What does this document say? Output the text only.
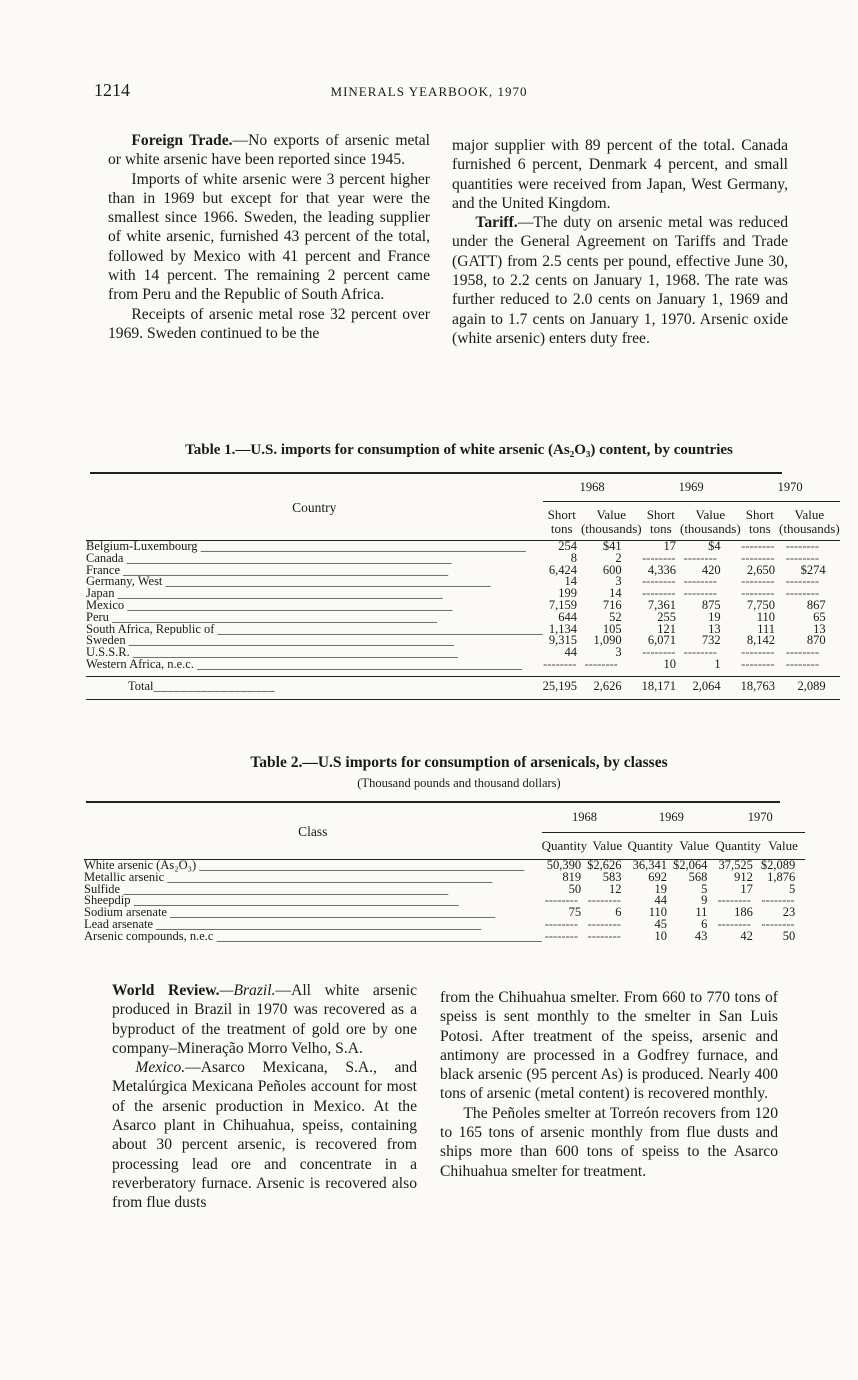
1214	MINERALS YEARBOOK, 1970

Foreign Trade.—No exports of arsenic metal or white arsenic have been reported since 1945.

Imports of white arsenic were 3 percent higher than in 1969 but except for that year were the smallest since 1966. Sweden, the leading supplier of white arsenic, furnished 43 percent of the total, followed by Mexico with 41 percent and France with 14 percent. The remaining 2 percent came from Peru and the Republic of South Africa.

Receipts of arsenic metal rose 32 percent over 1969. Sweden continued to be the

major supplier with 89 percent of the total. Canada furnished 6 percent, Denmark 4 percent, and small quantities were received from Japan, West Germany, and the United Kingdom.

Tariff.—The duty on arsenic metal was reduced under the General Agreement on Tariffs and Trade (GATT) from 2.5 cents per pound, effective June 30, 1958, to 2.2 cents on January 1, 1968. The rate was further reduced to 2.0 cents on January 1, 1969 and again to 1.7 cents on January 1, 1970. Arsenic oxide (white arsenic) enters duty free.

Table 1.—U.S. imports for consumption of white arsenic (As₂O₃) content, by countries
Country	1968		1969		1970	
	Short tons	Value (thousands)	Short tons	Value (thousands)	Short tons	Value (thousands)

Belgium-Luxembourg _____	254	$41	17	$4	--------	--------
Canada _____	8	2	--------	--------	--------	--------
France _____	6,424	600	4,336	420	2,650	$274
Germany, West _____	14	3	--------	--------	--------	--------
Japan _____	199	14	--------	--------	--------	--------
Mexico _____	7,159	716	7,361	875	7,750	867
Peru _____	644	52	255	19	110	65
South Africa, Republic of _____	1,134	105	121	13	111	13
Sweden _____	9,315	1,090	6,071	732	8,142	870
U.S.S.R. _____	44	3	--------	--------	--------	--------
Western Africa, n.e.c. _____	--------	--------	10	1	--------	--------

Total__________________	25,195	2,626	18,171	2,064	18,763	2,089

Table 2.—U.S imports for consumption of arsenicals, by classes
(Thousand pounds and thousand dollars)
Class	1968		1969		1970	
	Quantity	Value	Quantity	Value	Quantity	Value

White arsenic (As₂O₃) _____	50,390	$2,626	36,341	$2,064	37,525	$2,089
Metallic arsenic _____	819	583	692	568	912	1,876
Sulfide _____	50	12	19	5	17	5
Sheepdip _____	--------	--------	44	9	--------	--------
Sodium arsenate _____	75	6	110	11	186	23
Lead arsenate _____	--------	--------	45	6	--------	--------
Arsenic compounds, n.e.c _____	--------	--------	10	43	42	50

World Review.—Brazil.—All white arsenic produced in Brazil in 1970 was recovered as a byproduct of the treatment of gold ore by one company–Mineração Morro Velho, S.A.

Mexico.—Asarco Mexicana, S.A., and Metalúrgica Mexicana Peñoles account for most of the arsenic production in Mexico. At the Asarco plant in Chihuahua, speiss, containing about 30 percent arsenic, is recovered from processing lead ore and concentrate in a reverberatory furnace. Arsenic is recovered also from flue dusts

from the Chihuahua smelter. From 660 to 770 tons of speiss is sent monthly to the smelter in San Luis Potosi. After treatment of the speiss, arsenic and antimony are processed in a Godfrey furnace, and black arsenic (95 percent As) is produced. Nearly 400 tons of arsenic (metal content) is recovered monthly.

The Peñoles smelter at Torreón recovers from 120 to 165 tons of arsenic monthly from flue dusts and ships more than 600 tons of speiss to the Asarco Chihuahua smelter for treatment.
